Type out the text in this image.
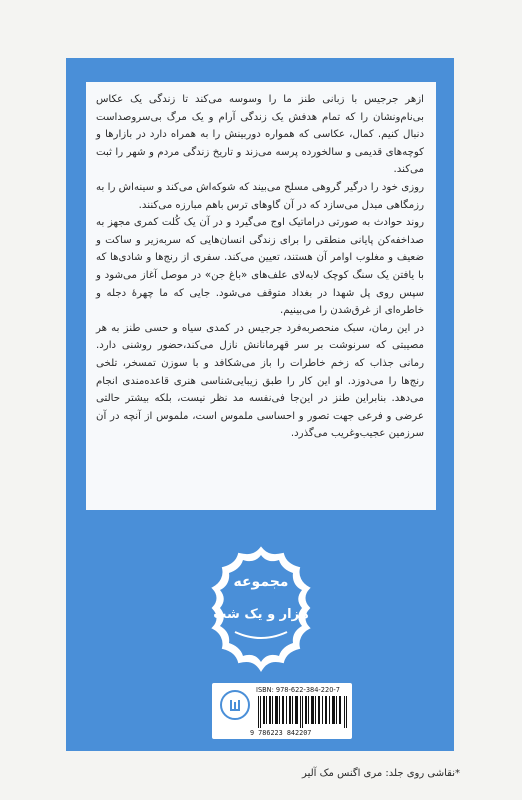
ازهر جرجیس با زبانی طنز ما را وسوسه می‌کند تا زندگی یک عکاس بی‌نام‌ونشان را که تمام هدفش یک زندگی آرام و یک مرگ بی‌سروصداست دنبال کنیم. کمال، عکاسی که همواره دوربینش را به همراه دارد در بازارها و کوچه‌های قدیمی و سالخورده پرسه می‌زند و تاریخ زندگی مردم و شهر را ثبت می‌کند.

روزی خود را درگیر گروهی مسلح می‌بیند که شوکه‌اش می‌کند و سینه‌اش را به رزمگاهی مبدل می‌سازد که در آن گاوهای ترس باهم مبارزه می‌کنند.

روند حوادث به صورتی دراماتیک اوج می‌گیرد و در آن یک کُلت کمری مجهز به صداخفه‌کن پایانی منطقی را برای زندگی انسان‌هایی که سربه‌زیر و ساکت و ضعیف و مغلوب اوامر آن هستند، تعیین می‌کند. سفری از رنج‌ها و شادی‌ها که با یافتن یک سنگ کوچک لابه‌لای علف‌های «باغ جن» در موصل آغاز می‌شود و سپس روی پل شهدا در بغداد متوقف می‌شود. جایی که ما چهرهٔ دجله و خاطره‌ای از غرق‌شدن را می‌بینیم.

در این رمان، سبک منحصربه‌فرد جرجیس در کمدی سیاه و حسی طنز به هر مصیبتی که سرنوشت بر سر قهرمانانش نازل می‌کند،حضور روشنی دارد. رمانی جذاب که زخم خاطرات را باز می‌شکافد و با سوزن تمسخر، تلخی رنج‌ها را می‌دوزد. او این کار را طبق زیبایی‌شناسی هنری قاعده‌مندی انجام می‌دهد. بنابراین طنز در این‌جا فی‌نفسه مد نظر نیست، بلکه بیشتر حالتی عرضی و فرعی جهت تصور و احساسی ملموس است، ملموس از آنچه در آن سرزمین عجیب‌وغریب می‌گذرد.

مجموعه
هزار و یک شب
ISBN: 978-622-384-220-7
9 786223 842207
*نقاشی روی جلد: مری اگنس مک آلیر
